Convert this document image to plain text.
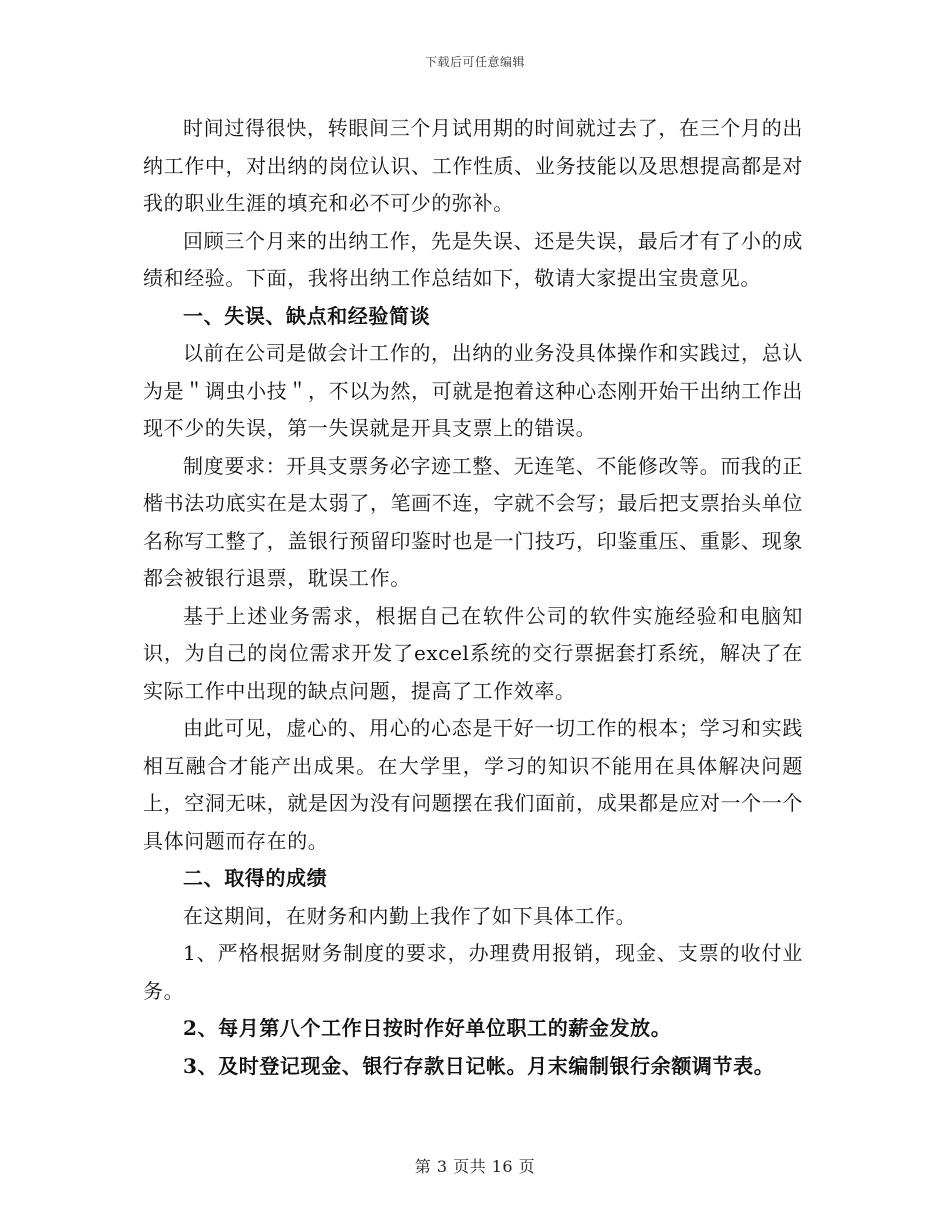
下载后可任意编辑

时间过得很快，转眼间三个月试用期的时间就过去了，在三个月的出纳工作中，对出纳的岗位认识、工作性质、业务技能以及思想提高都是对我的职业生涯的填充和必不可少的弥补。

回顾三个月来的出纳工作，先是失误、还是失误，最后才有了小的成绩和经验。下面，我将出纳工作总结如下，敬请大家提出宝贵意见。

一、失误、缺点和经验简谈

以前在公司是做会计工作的，出纳的业务没具体操作和实践过，总认为是＂调虫小技＂，不以为然，可就是抱着这种心态刚开始干出纳工作出现不少的失误，第一失误就是开具支票上的错误。

制度要求：开具支票务必字迹工整、无连笔、不能修改等。而我的正楷书法功底实在是太弱了，笔画不连，字就不会写；最后把支票抬头单位名称写工整了，盖银行预留印鉴时也是一门技巧，印鉴重压、重影、现象都会被银行退票，耽误工作。

基于上述业务需求，根据自己在软件公司的软件实施经验和电脑知识，为自己的岗位需求开发了excel系统的交行票据套打系统，解决了在实际工作中出现的缺点问题，提高了工作效率。

由此可见，虚心的、用心的心态是干好一切工作的根本；学习和实践相互融合才能产出成果。在大学里，学习的知识不能用在具体解决问题上，空洞无味，就是因为没有问题摆在我们面前，成果都是应对一个一个具体问题而存在的。

二、取得的成绩

在这期间，在财务和内勤上我作了如下具体工作。

1、严格根据财务制度的要求，办理费用报销，现金、支票的收付业务。

2、每月第八个工作日按时作好单位职工的薪金发放。

3、及时登记现金、银行存款日记帐。月末编制银行余额调节表。

第 3 页共 16 页
